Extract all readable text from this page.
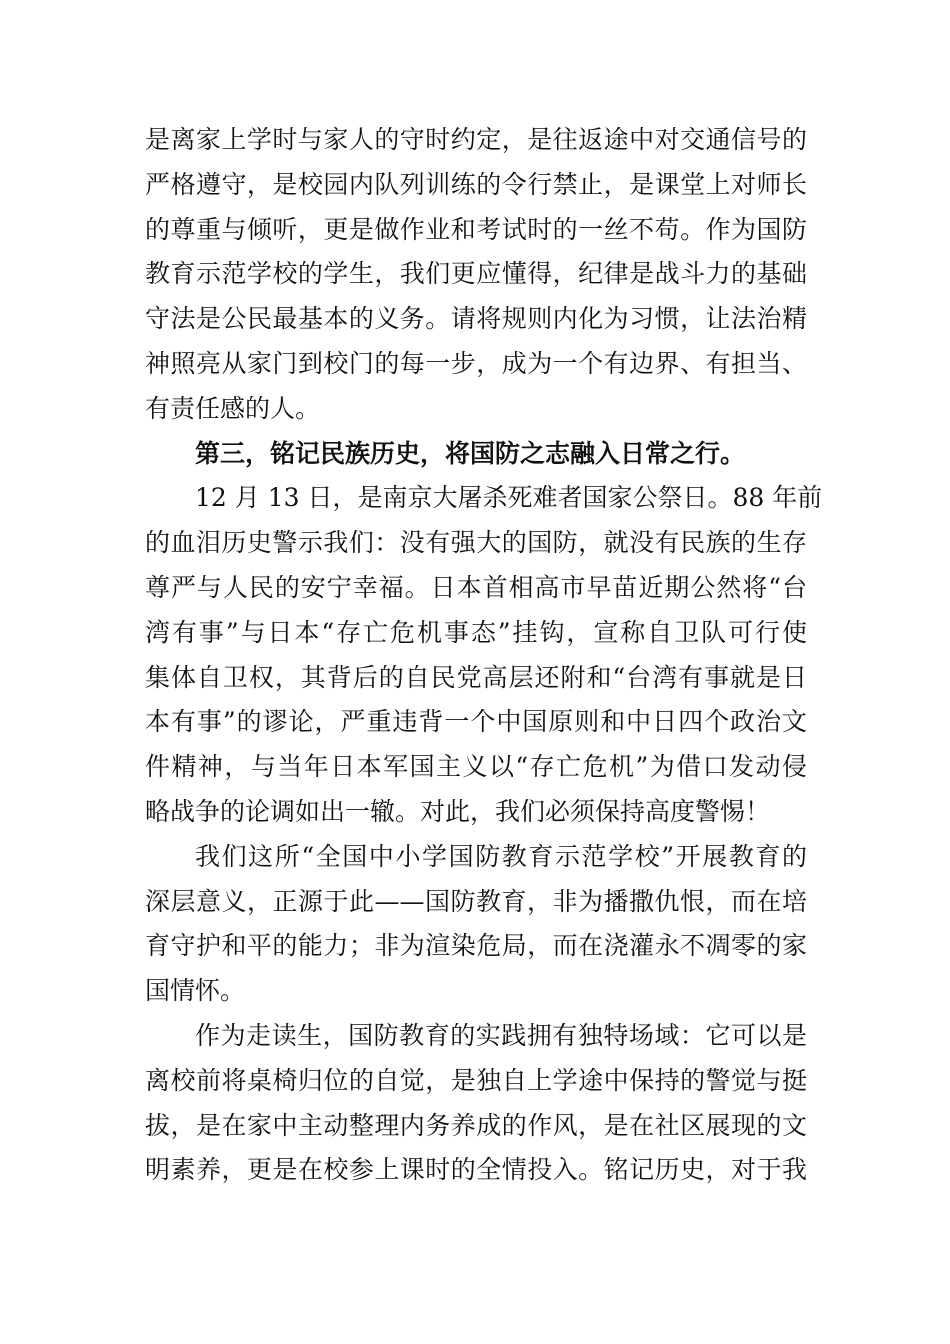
是离家上学时与家人的守时约定，是往返途中对交通信号的
严格遵守，是校园内队列训练的令行禁止，是课堂上对师长
的尊重与倾听，更是做作业和考试时的一丝不苟。作为国防
教育示范学校的学生，我们更应懂得，纪律是战斗力的基础
守法是公民最基本的义务。请将规则内化为习惯，让法治精
神照亮从家门到校门的每一步，成为一个有边界、有担当、
有责任感的人。
第三，铭记民族历史，将国防之志融入日常之行。
12 月 13 日，是南京大屠杀死难者国家公祭日。88 年前
的血泪历史警示我们：没有强大的国防，就没有民族的生存
尊严与人民的安宁幸福。日本首相高市早苗近期公然将“台
湾有事”与日本“存亡危机事态”挂钩，宣称自卫队可行使
集体自卫权，其背后的自民党高层还附和“台湾有事就是日
本有事”的谬论，严重违背一个中国原则和中日四个政治文
件精神，与当年日本军国主义以“存亡危机”为借口发动侵
略战争的论调如出一辙。对此，我们必须保持高度警惕！
我们这所“全国中小学国防教育示范学校”开展教育的
深层意义，正源于此——国防教育，非为播撒仇恨，而在培
育守护和平的能力；非为渲染危局，而在浇灌永不凋零的家
国情怀。
作为走读生，国防教育的实践拥有独特场域：它可以是
离校前将桌椅归位的自觉，是独自上学途中保持的警觉与挺
拔，是在家中主动整理内务养成的作风，是在社区展现的文
明素养，更是在校参上课时的全情投入。铭记历史，对于我
